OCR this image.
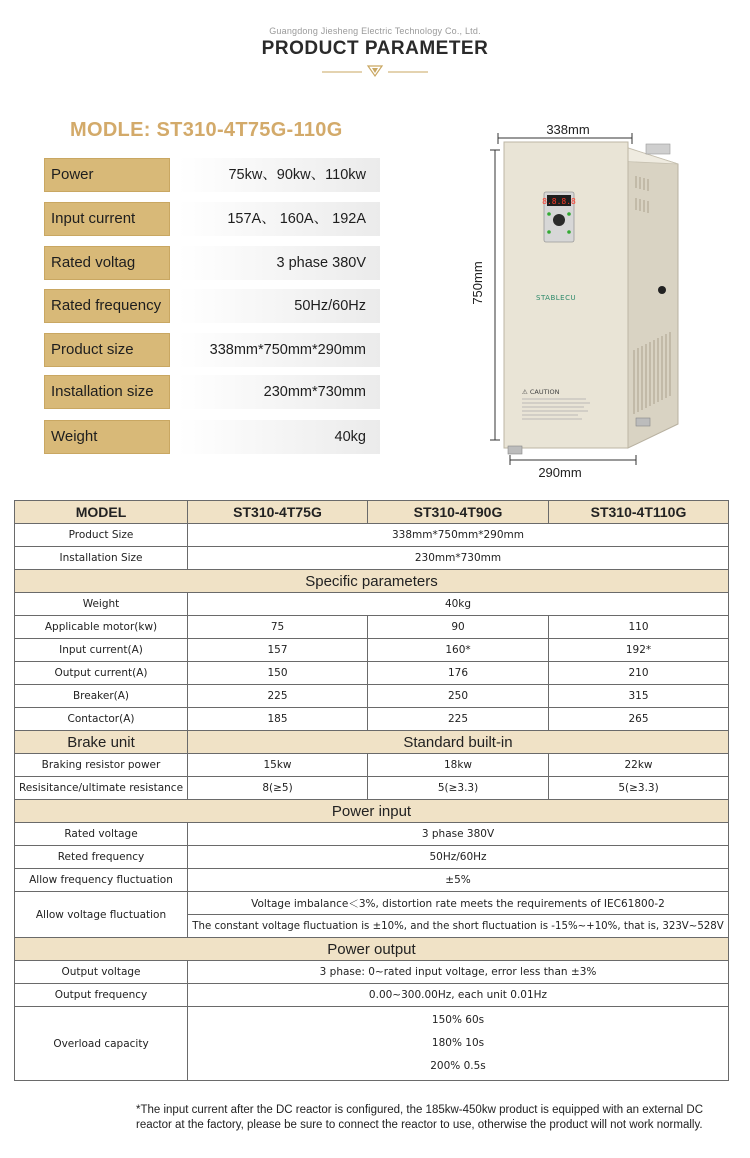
Guangdong Jiesheng Electric Technology Co., Ltd.
PRODUCT PARAMETER
MODLE: ST310-4T75G-110G
Power	75kw、90kw、110kw
Input current	157A、 160A、 192A
Rated voltag	3 phase 380V
Rated frequency	50Hz/60Hz
Product size	338mm*750mm*290mm
Installation size	230mm*730mm
Weight	40kg
338mm
750mm
290mm
8.8.8.8
STABLECU
⚠ CAUTION
MODEL	ST310-4T75G	ST310-4T90G	ST310-4T110G
Product Size	338mm*750mm*290mm		
Installation Size	230mm*730mm		
Specific parameters			
Weight	40kg		
Applicable motor(kw)	75	90	110
Input current(A)	157	160*	192*
Output current(A)	150	176	210
Breaker(A)	225	250	315
Contactor(A)	185	225	265
Brake unit	Standard built-in		
Braking resistor power	15kw	18kw	22kw
Resisitance/ultimate resistance	8(≥5)	5(≥3.3)	5(≥3.3)
Power input			
Rated voltage	3 phase 380V		
Reted frequency	50Hz/60Hz		
Allow frequency fluctuation	±5%		
Allow voltage fluctuation	Voltage imbalance＜3%, distortion rate meets the requirements of IEC61800-2		
	The constant voltage fluctuation is ±10%, and the short fluctuation is -15%~+10%, that is, 323V~528V		
Power output			
Output voltage	3 phase: 0~rated input voltage, error less than ±3%		
Output frequency	0.00~300.00Hz, each unit 0.01Hz		
Overload capacity	150% 60s
180% 10s
200% 0.5s		
*The input current after the DC reactor is configured, the 185kw-450kw product is equipped with an external DC reactor at the factory, please be sure to connect the reactor to use, otherwise the product will not work normally.
